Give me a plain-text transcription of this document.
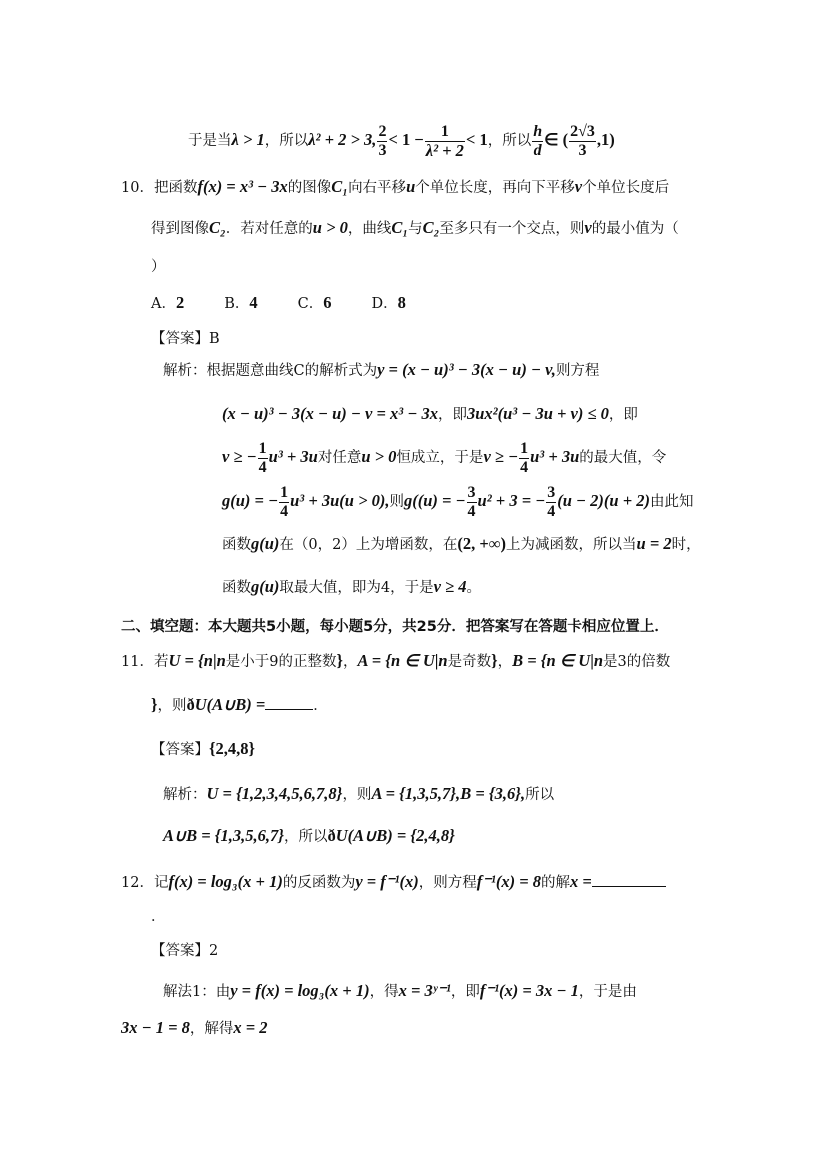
于是当λ > 1，所以λ² + 2 > 3, $\frac{2}{3} < 1 - \frac{1}{\text{λ² + 2}} < 1$，所以 $\frac{h}{d}$ ∈ ( $\frac{2√3}{3} ,1$)
10．把函数f(x) = x³ − 3x的图像C₁向右平移u个单位长度，再向下平移v个单位长度后
得到图像C₂．若对任意的u > 0，曲线C₁与C₂至多只有一个交点，则v的最小值为（
）
A．2	B．4	C．6	D．8
【答案】B
解析：根据题意曲线C的解析式为y = (x − u)³ − 3(x − u) − v,则方程
(x − u)³ − 3(x − u) − v = x³ − 3x，即3ux²(u³ − 3u + v) ≤ 0，即
v ≥ − $\frac{1}{4} u^3 + 3u$对任意u > 0恒成立，于是v ≥ − $\frac{1}{4} u^3 + 3u$的最大值，令
g(u) = − $\frac{1}{4} u^3 + 3u(u > 0)$,则g((u) = − $\frac{3}{4} u^2 + 3$ = − $\frac{3}{4} (u - 2)(u + 2)$由此知
函数g(u)在（0，2）上为增函数，在(2, +∞)上为减函数，所以当u = 2时，
函数g(u)取最大值，即为4，于是v ≥ 4。
二、填空题：本大题共5小题，每小题5分，共25分．把答案写在答题卡相应位置上．
11．若U = {n|n是小于9的正整数}，A = {n ∈ U|n是奇数}，B = {n ∈ U|n是3的倍数
}，则ðU(A∪B) =	．
【答案】{2,4,8}
解析：U = {1,2,3,4,5,6,7,8}，则A = {1,3,5,7},B = {3,6},所以
A∪B = {1,3,5,6,7}，所以ðU(A∪B) = {2,4,8}
12．记f(x) = log₃(x + 1)的反函数为y = f⁻¹(x)，则方程f⁻¹(x) = 8的解x =
．
【答案】2
解法1：由y = f(x) = log₃(x + 1)，得x = 3ʸ⁻¹，即f⁻¹(x) = 3x − 1，于是由
3x − 1 = 8，解得x = 2
